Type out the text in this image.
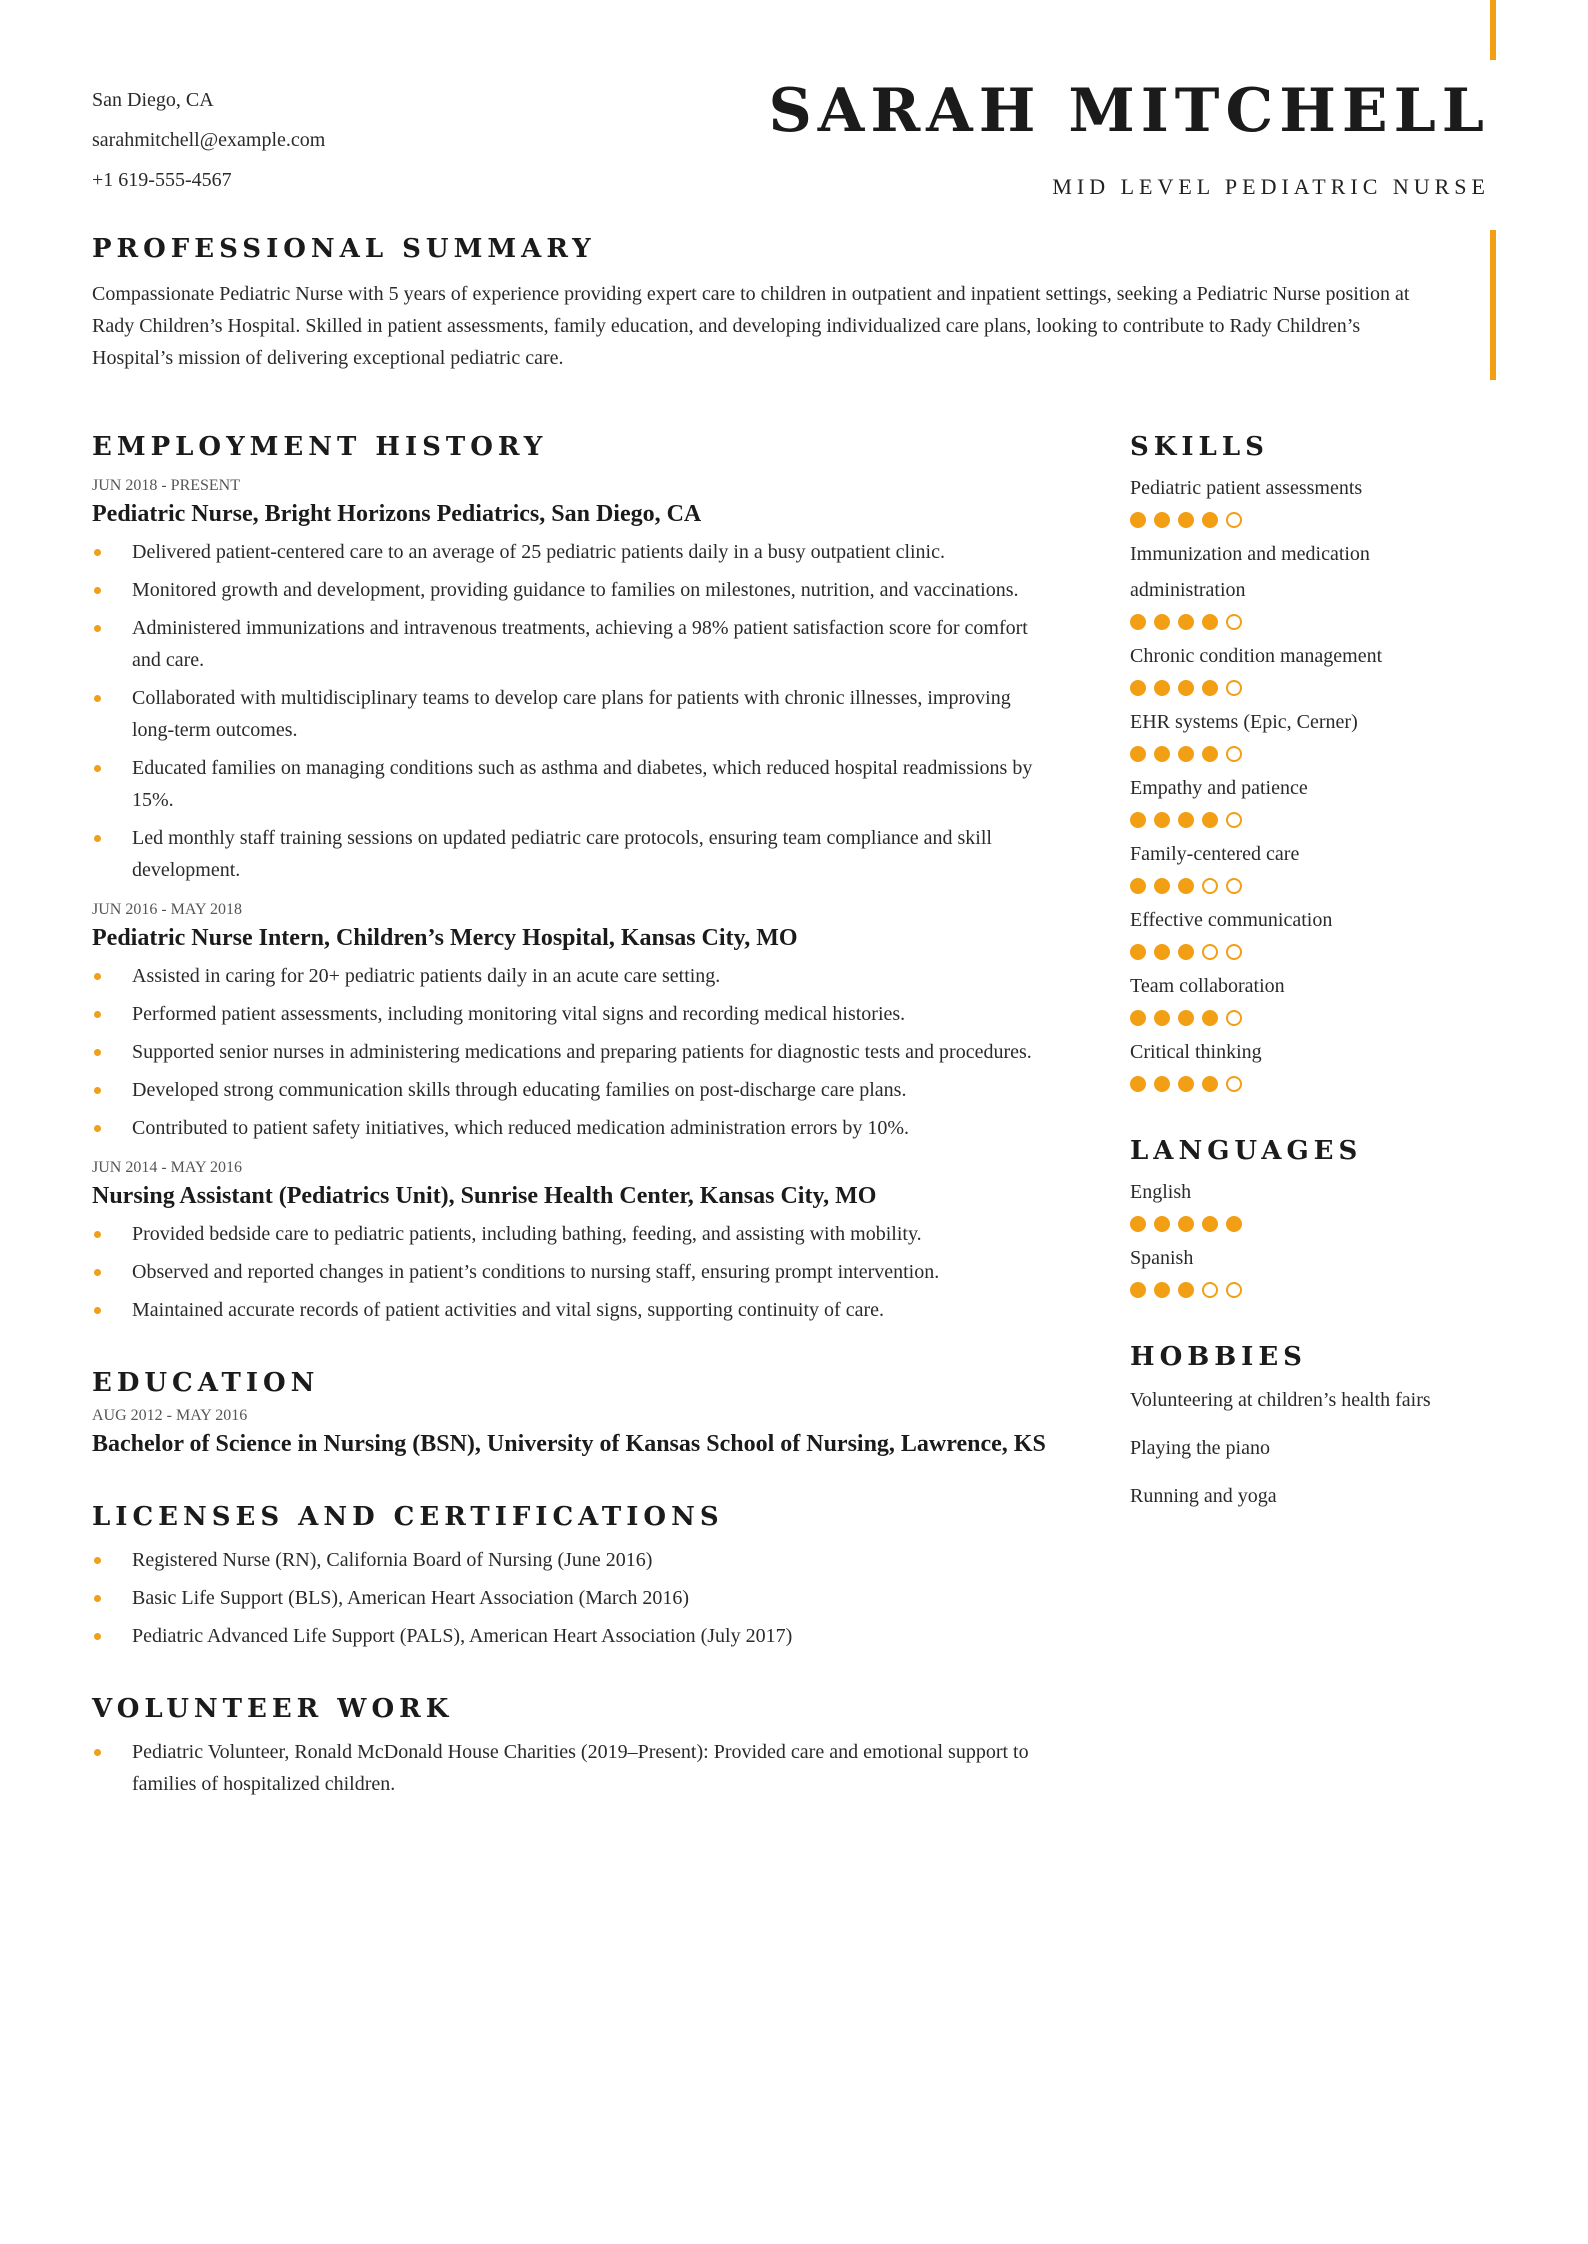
San Diego, CA
sarahmitchell@example.com
+1 619-555-4567
SARAH MITCHELL
MID LEVEL PEDIATRIC NURSE
PROFESSIONAL SUMMARY

Compassionate Pediatric Nurse with 5 years of experience providing expert care to children in outpatient and inpatient settings, seeking a Pediatric Nurse position at Rady Children’s Hospital. Skilled in patient assessments, family education, and developing individualized care plans, looking to contribute to Rady Children’s Hospital’s mission of delivering exceptional pediatric care.

EMPLOYMENT HISTORY
JUN 2018 - PRESENT
Pediatric Nurse, Bright Horizons Pediatrics, San Diego, CA
Delivered patient-centered care to an average of 25 pediatric patients daily in a busy outpatient clinic.
Monitored growth and development, providing guidance to families on milestones, nutrition, and vaccinations.
Administered immunizations and intravenous treatments, achieving a 98% patient satisfaction score for comfort and care.
Collaborated with multidisciplinary teams to develop care plans for patients with chronic illnesses, improving long-term outcomes.
Educated families on managing conditions such as asthma and diabetes, which reduced hospital readmissions by 15%.
Led monthly staff training sessions on updated pediatric care protocols, ensuring team compliance and skill development.
JUN 2016 - MAY 2018
Pediatric Nurse Intern, Children’s Mercy Hospital, Kansas City, MO
Assisted in caring for 20+ pediatric patients daily in an acute care setting.
Performed patient assessments, including monitoring vital signs and recording medical histories.
Supported senior nurses in administering medications and preparing patients for diagnostic tests and procedures.
Developed strong communication skills through educating families on post-discharge care plans.
Contributed to patient safety initiatives, which reduced medication administration errors by 10%.
JUN 2014 - MAY 2016
Nursing Assistant (Pediatrics Unit), Sunrise Health Center, Kansas City, MO
Provided bedside care to pediatric patients, including bathing, feeding, and assisting with mobility.
Observed and reported changes in patient’s conditions to nursing staff, ensuring prompt intervention.
Maintained accurate records of patient activities and vital signs, supporting continuity of care.
EDUCATION
AUG 2012 - MAY 2016
Bachelor of Science in Nursing (BSN), University of Kansas School of Nursing, Lawrence, KS
LICENSES AND CERTIFICATIONS
Registered Nurse (RN), California Board of Nursing (June 2016)
Basic Life Support (BLS), American Heart Association (March 2016)
Pediatric Advanced Life Support (PALS), American Heart Association (July 2017)
VOLUNTEER WORK
Pediatric Volunteer, Ronald McDonald House Charities (2019–Present): Provided care and emotional support to families of hospitalized children.
SKILLS
Pediatric patient assessments
Immunization and medication administration
Chronic condition management
EHR systems (Epic, Cerner)
Empathy and patience
Family-centered care
Effective communication
Team collaboration
Critical thinking
LANGUAGES
English
Spanish
HOBBIES
Volunteering at children’s health fairs
Playing the piano
Running and yoga
